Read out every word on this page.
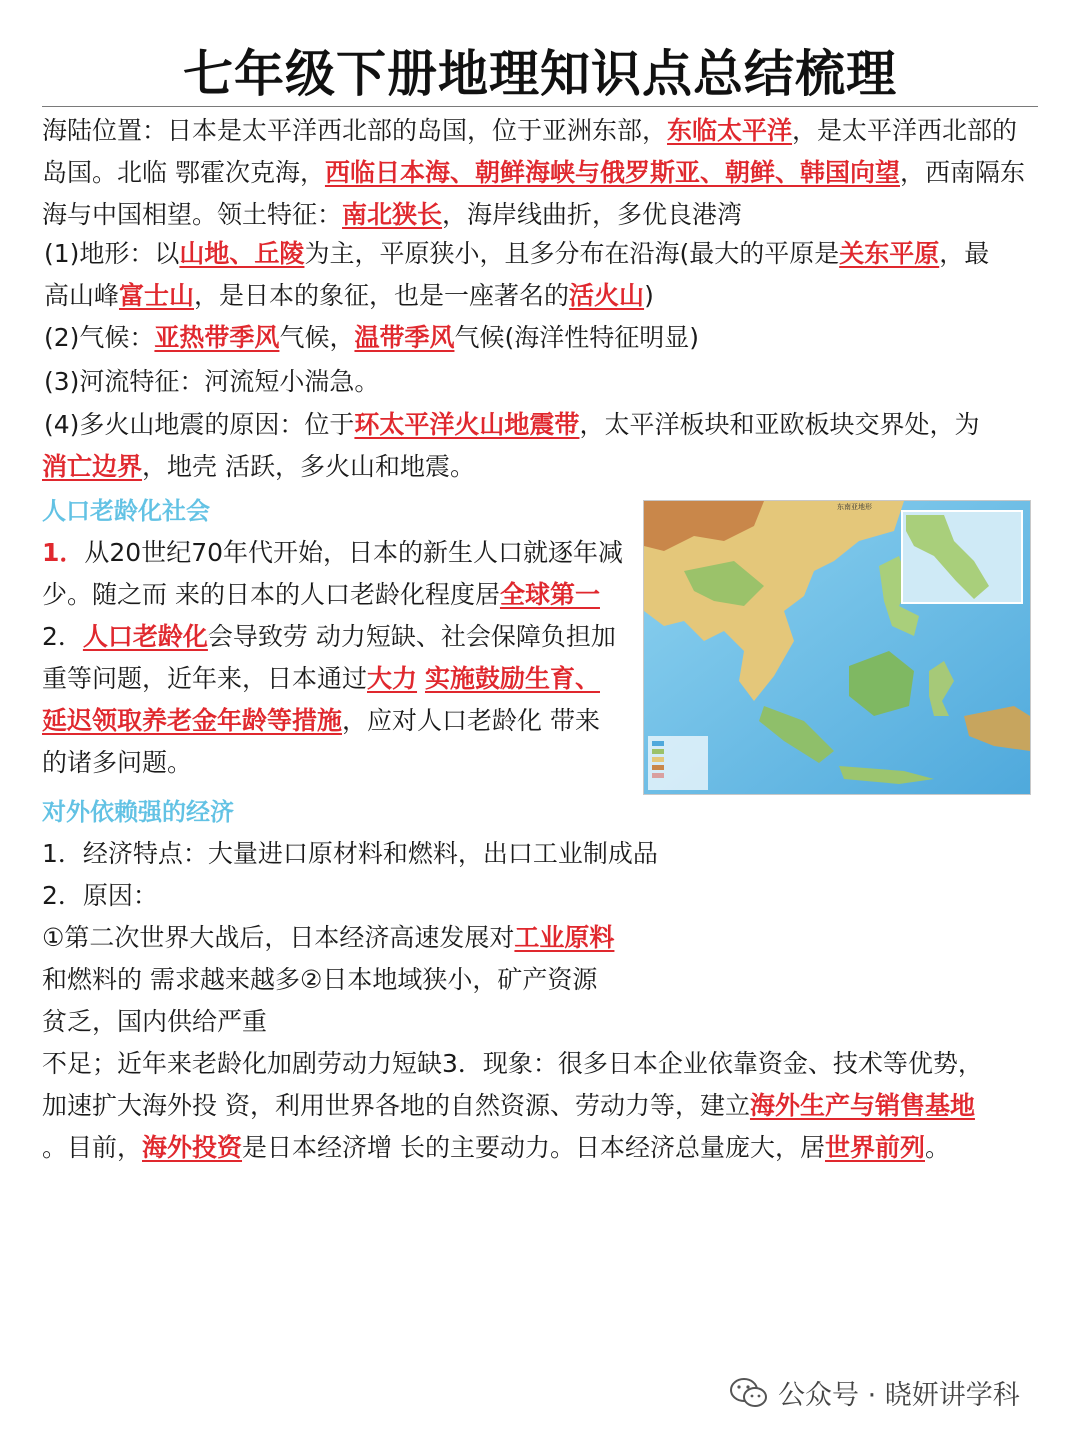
七年级下册地理知识点总结梳理
海陆位置：日本是太平洋西北部的岛国，位于亚洲东部，东临太平洋，是太平洋西北部的
岛国。北临 鄂霍次克海，西临日本海、朝鲜海峡与俄罗斯亚、朝鲜、韩国向望，西南隔东
海与中国相望。领土特征：南北狭长，海岸线曲折，多优良港湾
(1)地形：以山地、丘陵为主，平原狭小，且多分布在沿海(最大的平原是关东平原，最
高山峰富士山，是日本的象征，也是一座著名的活火山)
(2)气候：亚热带季风气候，温带季风气候(海洋性特征明显)
(3)河流特征：河流短小湍急。
(4)多火山地震的原因：位于环太平洋火山地震带，太平洋板块和亚欧板块交界处，为
消亡边界，地壳 活跃，多火山和地震。
人口老龄化社会
1．从20世纪70年代开始，日本的新生人口就逐年减
少。随之而 来的日本的人口老龄化程度居全球第一
2．人口老龄化会导致劳 动力短缺、社会保障负担加
重等问题，近年来，日本通过大力 实施鼓励生育、
延迟领取养老金年龄等措施，应对人口老龄化 带来
的诸多问题。
东南亚地形
对外依赖强的经济
1．经济特点：大量进口原材料和燃料，出口工业制成品
2．原因：
①第二次世界大战后，日本经济高速发展对工业原料
和燃料的 需求越来越多②日本地域狭小，矿产资源
贫乏，国内供给严重
不足；近年来老龄化加剧劳动力短缺3．现象：很多日本企业依靠资金、技术等优势，
加速扩大海外投 资，利用世界各地的自然资源、劳动力等，建立海外生产与销售基地
。目前，海外投资是日本经济增 长的主要动力。日本经济总量庞大，居世界前列。
公众号 · 晓妍讲学科
